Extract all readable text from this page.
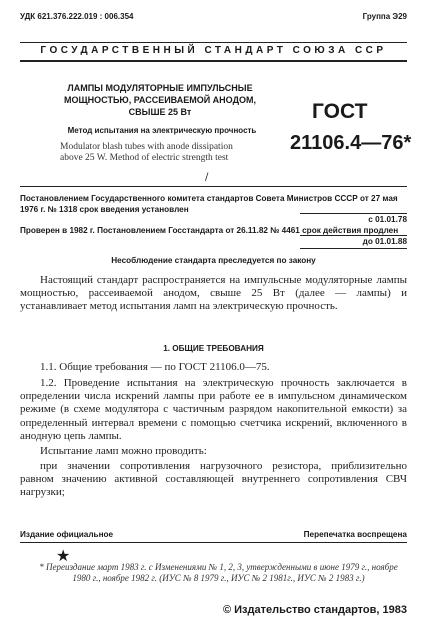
УДК 621.376.222.019 : 006.354	Группа Э29
ГОСУДАРСТВЕННЫЙ СТАНДАРТ СОЮЗА ССР
ЛАМПЫ МОДУЛЯТОРНЫЕ ИМПУЛЬСНЫЕ
МОЩНОСТЬЮ, РАССЕИВАЕМОЙ АНОДОМ,
СВЫШЕ 25 Вт
Метод испытания на электрическую прочность
Modulator blash tubes with anode dissipation
above 25 W. Method of electric strength test
ГОСТ
21106.4—76*
/
Постановлением Государственного комитета стандартов Совета Министров СССР от 27 мая 1976 г. № 1318 срок введения установлен
с 01.01.78
Проверен в 1982 г. Постановлением Госстандарта от 26.11.82 № 4461 срок действия продлен
до 01.01.88
Несоблюдение стандарта преследуется по закону
Настоящий стандарт распространяется на импульсные модуляторные лампы мощностью, рассеиваемой анодом, свыше 25 Вт (далее — лампы) и устанавливает метод испытания ламп на электрическую прочность.
1. ОБЩИЕ ТРЕБОВАНИЯ
1.1. Общие требования — по ГОСТ 21106.0—75.
1.2. Проведение испытания на электрическую прочность заключается в определении числа искрений лампы при работе ее в импульсном динамическом режиме (в схеме модулятора с частичным разрядом накопительной емкости) за определенный интервал времени с помощью счетчика искрений, включенного в анодную цепь лампы.
Испытание ламп можно проводить:
при значении сопротивления нагрузочного резистора, приблизительно равном значению активной составляющей внутреннего сопротивления СВЧ нагрузки;
Издание официальное	Перепечатка воспрещена
★
* Переиздание март 1983 г. с Изменениями № 1, 2, 3, утвержденными в июне 1979 г., ноябре 1980 г., ноябре 1982 г. (ИУС № 8 1979 г., ИУС № 2 1981г., ИУС № 2 1983 г.)
© Издательство стандартов, 1983
